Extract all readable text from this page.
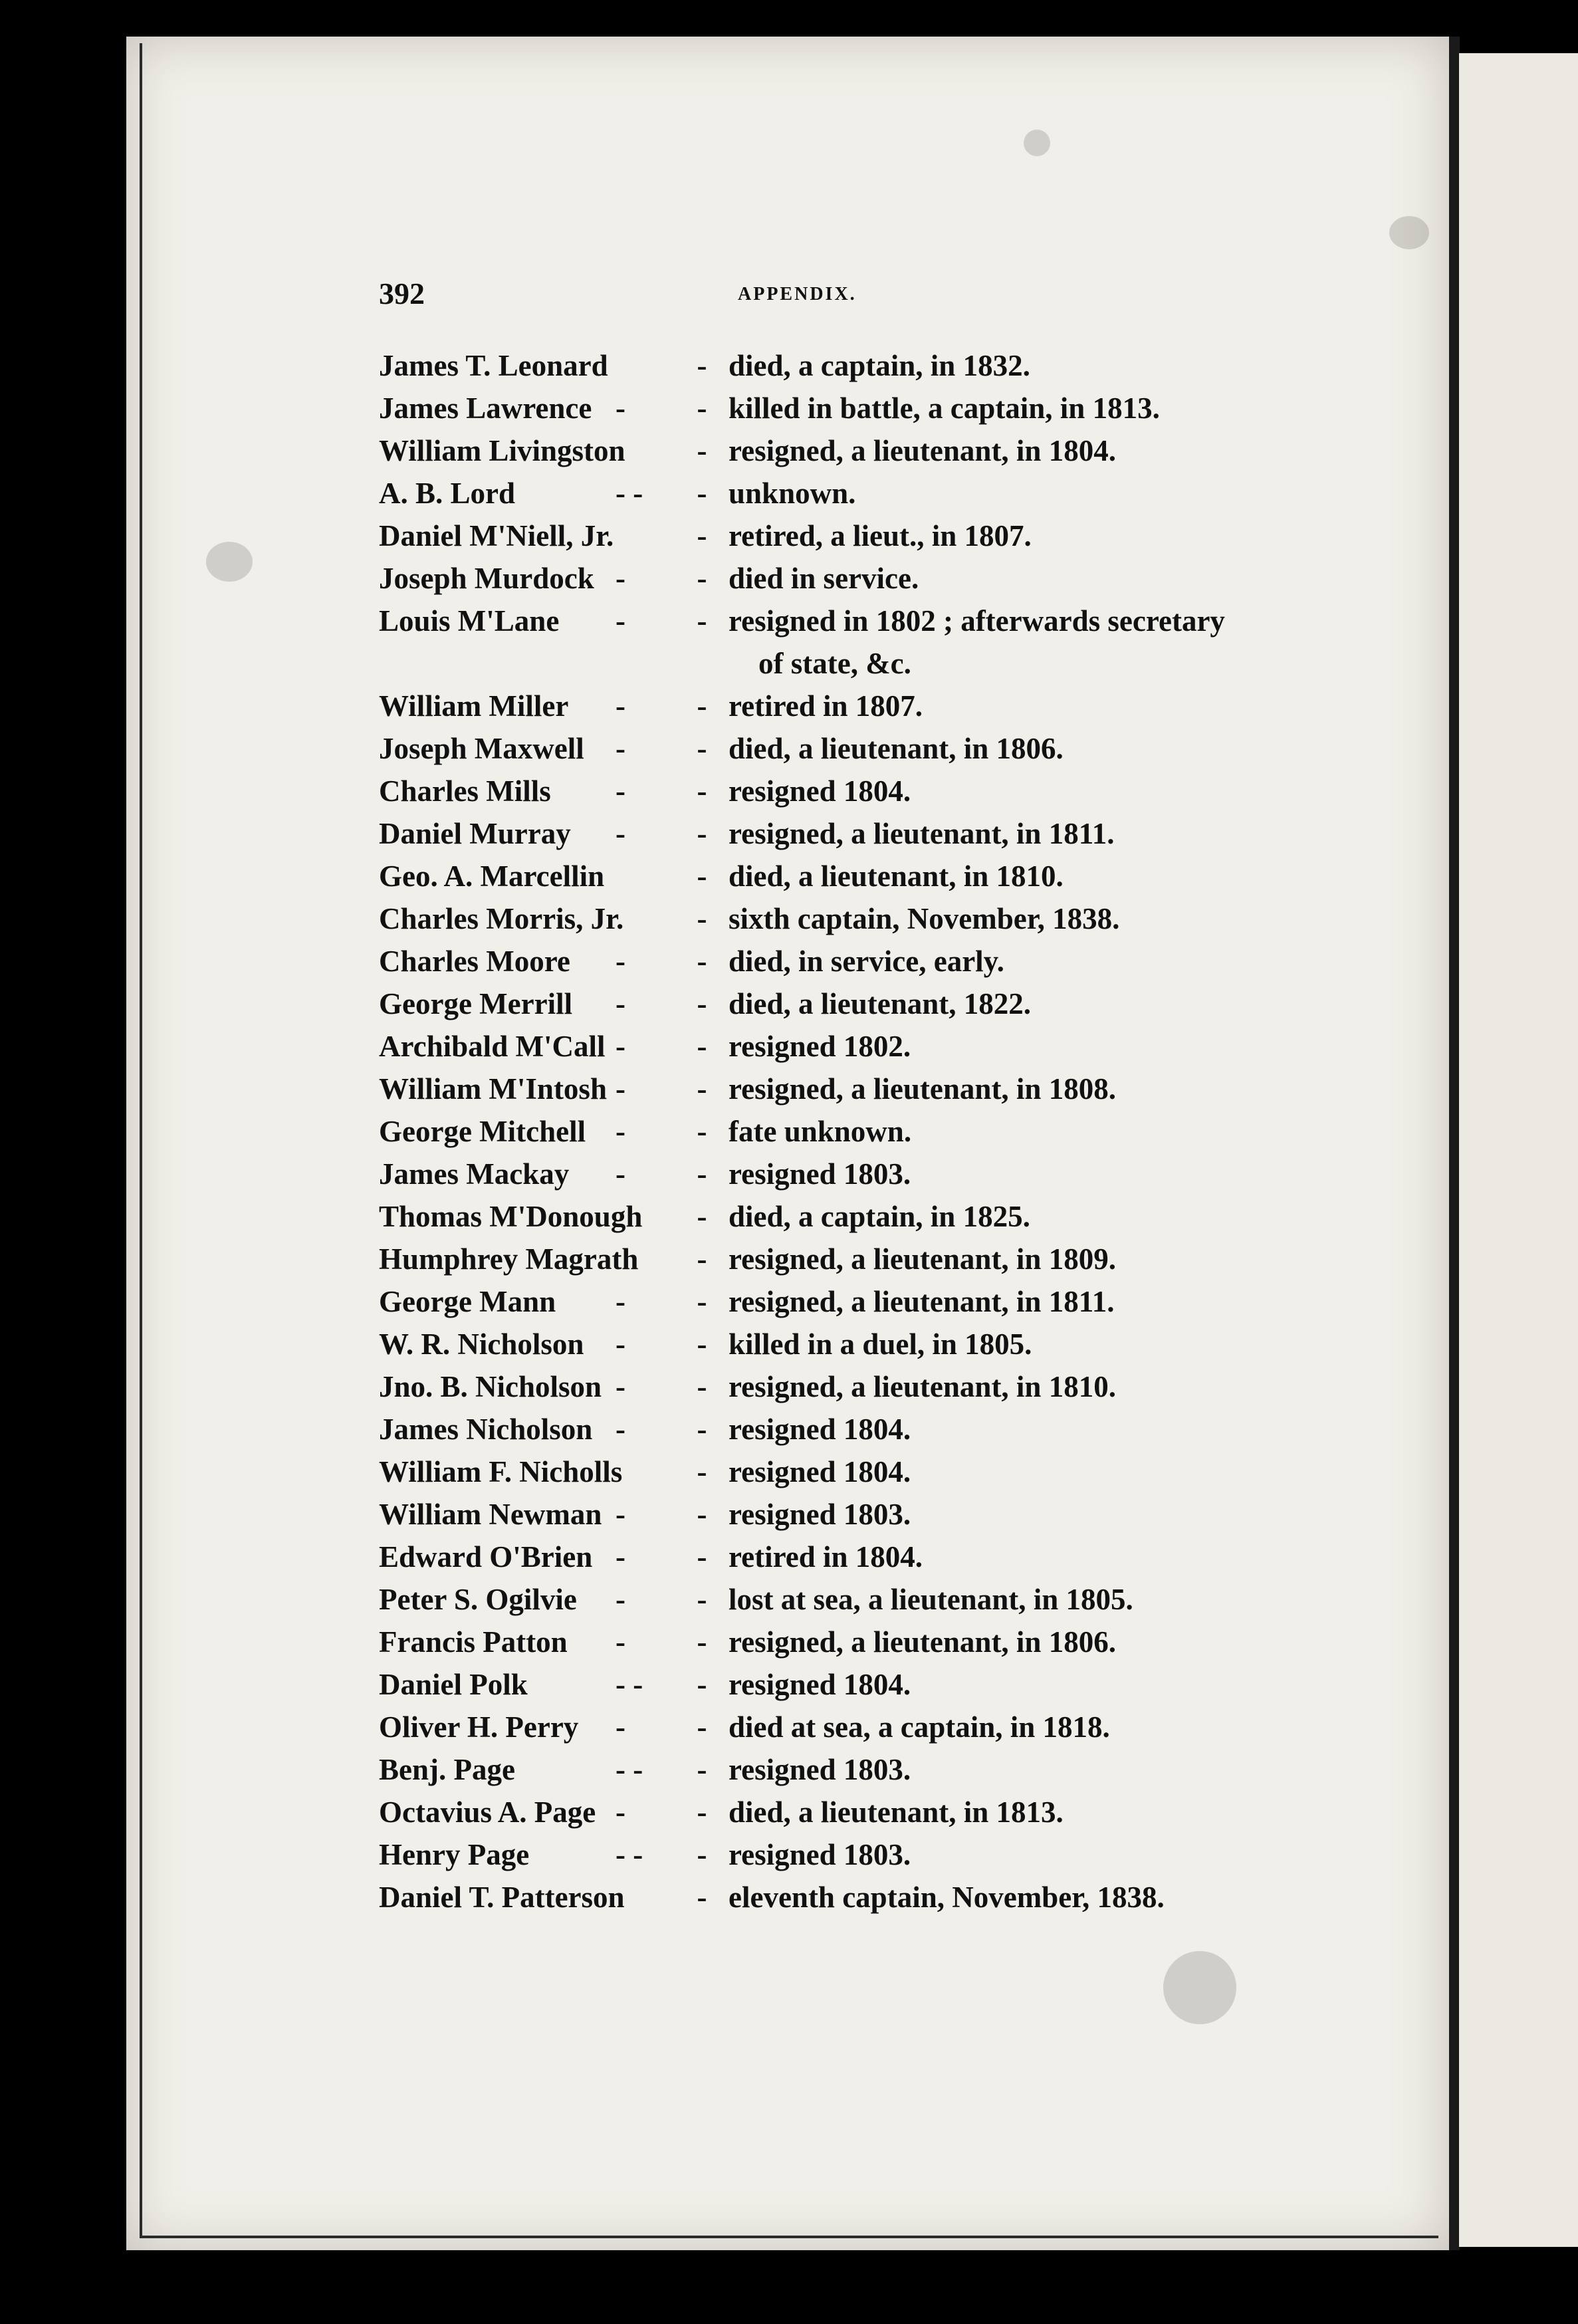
392	APPENDIX.
James T. Leonard	- died, a captain, in 1832.
James Lawrence -	- killed in battle, a captain, in 1813.
William Livingston	- resigned, a lieutenant, in 1804.
A. B. Lord	- -	- unknown.
Daniel M'Niell, Jr.	- retired, a lieut., in 1807.
Joseph Murdock -	- died in service.
Louis M'Lane	-	- resigned in 1802 ; afterwards secretary
of state, &c.
William Miller	-	- retired in 1807.
Joseph Maxwell	-	- died, a lieutenant, in 1806.
Charles Mills	-	- resigned 1804.
Daniel Murray	-	- resigned, a lieutenant, in 1811.
Geo. A. Marcellin	- died, a lieutenant, in 1810.
Charles Morris, Jr.	- sixth captain, November, 1838.
Charles Moore	-	- died, in service, early.
George Merrill	-	- died, a lieutenant, 1822.
Archibald M'Call -	- resigned 1802.
William M'Intosh -	- resigned, a lieutenant, in 1808.
George Mitchell -	- fate unknown.
James Mackay	-	- resigned 1803.
Thomas M'Donough	- died, a captain, in 1825.
Humphrey Magrath	- resigned, a lieutenant, in 1809.
George Mann	-	- resigned, a lieutenant, in 1811.
W. R. Nicholson	-	- killed in a duel, in 1805.
Jno. B. Nicholson -	- resigned, a lieutenant, in 1810.
James Nicholson -	- resigned 1804.
William F. Nicholls	- resigned 1804.
William Newman -	- resigned 1803.
Edward O'Brien -	- retired in 1804.
Peter S. Ogilvie	-	- lost at sea, a lieutenant, in 1805.
Francis Patton	-	- resigned, a lieutenant, in 1806.
Daniel Polk	- -	- resigned 1804.
Oliver H. Perry	-	- died at sea, a captain, in 1818.
Benj. Page	- -	- resigned 1803.
Octavius A. Page -	- died, a lieutenant, in 1813.
Henry Page	- -	- resigned 1803.
Daniel T. Patterson	- eleventh captain, November, 1838.
